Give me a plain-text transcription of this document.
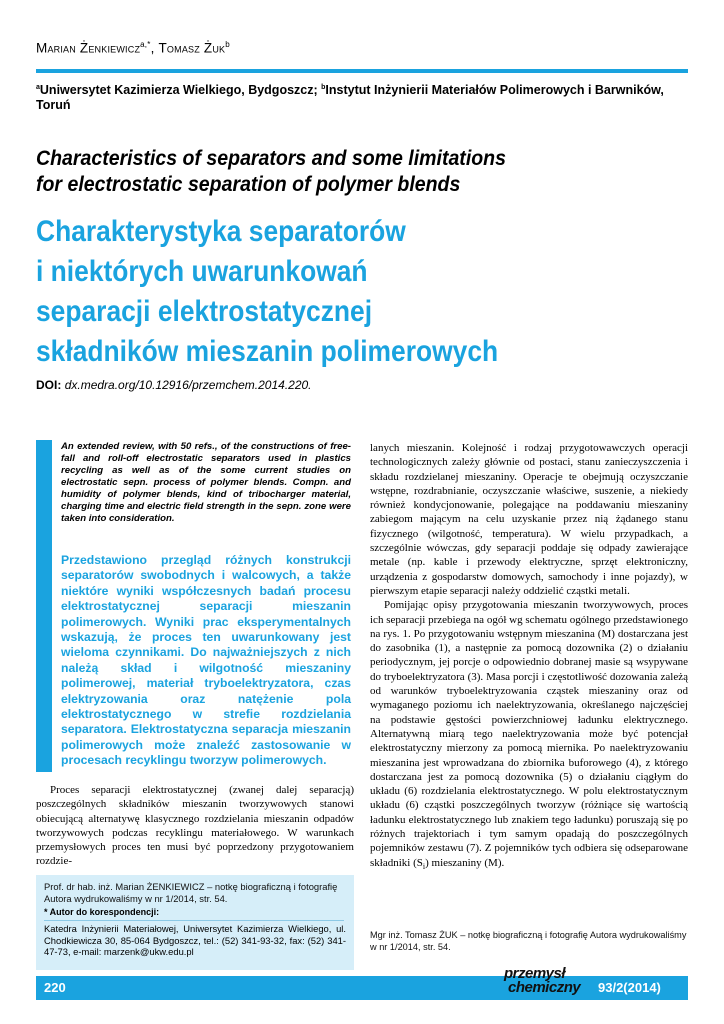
Marian Żenkiewicz$^{a,*}$, Tomasz Żuk$^b$
$^a$Uniwersytet Kazimierza Wielkiego, Bydgoszcz; $^b$Instytut Inżynierii Materiałów Polimerowych i Barwników, Toruń
Characteristics of separators and some limitations
for electrostatic separation of polymer blends
Charakterystyka separatorów
i niektórych uwarunkowań
separacji elektrostatycznej
składników mieszanin polimerowych
DOI: dx.medra.org/10.12916/przemchem.2014.220.
An extended review, with 50 refs., of the constructions of free-fall and roll-off electrostatic separators used in plastics recycling as well as of the some current studies on electrostatic sepn. process of polymer blends. Compn. and humidity of polymer blends, kind of tribocharger material, charging time and electric field strength in the sepn. zone were taken into consideration.
Przedstawiono przegląd różnych konstrukcji separatorów swobodnych i walcowych, a także niektóre wyniki współczesnych badań procesu elektrostatycznej separacji mieszanin polimerowych. Wyniki prac eksperymentalnych wskazują, że proces ten uwarunkowany jest wieloma czynnikami. Do najważniejszych z nich należą skład i wilgotność mieszaniny polimerowej, materiał tryboelektryzatora, czas elektryzowania oraz natężenie pola elektrostatycznego w strefie rozdzielania separatora. Elektrostatyczna separacja mieszanin polimerowych może znaleźć zastosowanie w procesach recyklingu tworzyw polimerowych.

Proces separacji elektrostatycznej (zwanej dalej separacją) poszczególnych składników mieszanin tworzywowych stanowi obiecującą alternatywę klasycznego rozdzielania mieszanin odpadów tworzywowych podczas recyklingu materiałowego. W warunkach przemysłowych proces ten musi być poprzedzony przygotowaniem rozdzie-

lanych mieszanin. Kolejność i rodzaj przygotowawczych operacji technologicznych zależy głównie od postaci, stanu zanieczyszczenia i składu rozdzielanej mieszaniny. Operacje te obejmują oczyszczanie wstępne, rozdrabnianie, oczyszczanie właściwe, suszenie, a niekiedy również kondycjonowanie, polegające na poddawaniu mieszaniny zabiegom mającym na celu uzyskanie przez nią żądanego stanu fizycznego (wilgotność, temperatura). W wielu przypadkach, a szczególnie wówczas, gdy separacji poddaje się odpady zawierające metale (np. kable i przewody elektryczne, sprzęt elektroniczny, urządzenia z gospodarstw domowych, samochody i inne pojazdy), w pierwszym etapie separacji należy oddzielić cząstki metali.

Pomijając opisy przygotowania mieszanin tworzywowych, proces ich separacji przebiega na ogół wg schematu ogólnego przedstawionego na rys. 1. Po przygotowaniu wstępnym mieszanina (M) dostarczana jest do zasobnika (1), a następnie za pomocą dozownika (2) o działaniu periodycznym, jej porcje o odpowiednio dobranej masie są wsypywane do tryboelektryzatora (3). Masa porcji i częstotliwość dozowania zależą od warunków tryboelektryzowania cząstek mieszaniny oraz od wymaganego poziomu ich naelektryzowania, określanego najczęściej na podstawie gęstości powierzchniowej ładunku elektrycznego. Alternatywną miarą tego naelektryzowania może być potencjał elektrostatyczny mierzony za pomocą miernika. Po naelektryzowaniu mieszanina jest wprowadzana do zbiornika buforowego (4), z którego dostarczana jest za pomocą dozownika (5) o działaniu ciągłym do układu (6) rozdzielania elektrostatycznego. W polu elektrostatycznym układu (6) cząstki poszczególnych tworzyw (różniące się wartością ładunku elektrostatycznego lub znakiem tego ładunku) poruszają się po różnych trajektoriach i tym samym opadają do poszczególnych pojemników zestawu (7). Z pojemników tych odbiera się odseparowane składniki $(S_i)$ mieszaniny (M).

Prof. dr hab. inż. Marian ŻENKIEWICZ – notkę biograficzną i fotografię Autora wydrukowaliśmy w nr 1/2014, str. 54.
* Autor do korespondencji:
Katedra Inżynierii Materiałowej, Uniwersytet Kazimierza Wielkiego, ul. Chodkiewicza 30, 85-064 Bydgoszcz, tel.: (52) 341-93-32, fax: (52) 341-47-73, e-mail: marzenk@ukw.edu.pl
Mgr inż. Tomasz ŻUK – notkę biograficzną i fotografię Autora wydrukowaliśmy w nr 1/2014, str. 54.
220	93/2(2014)
przemysł
chemiczny
